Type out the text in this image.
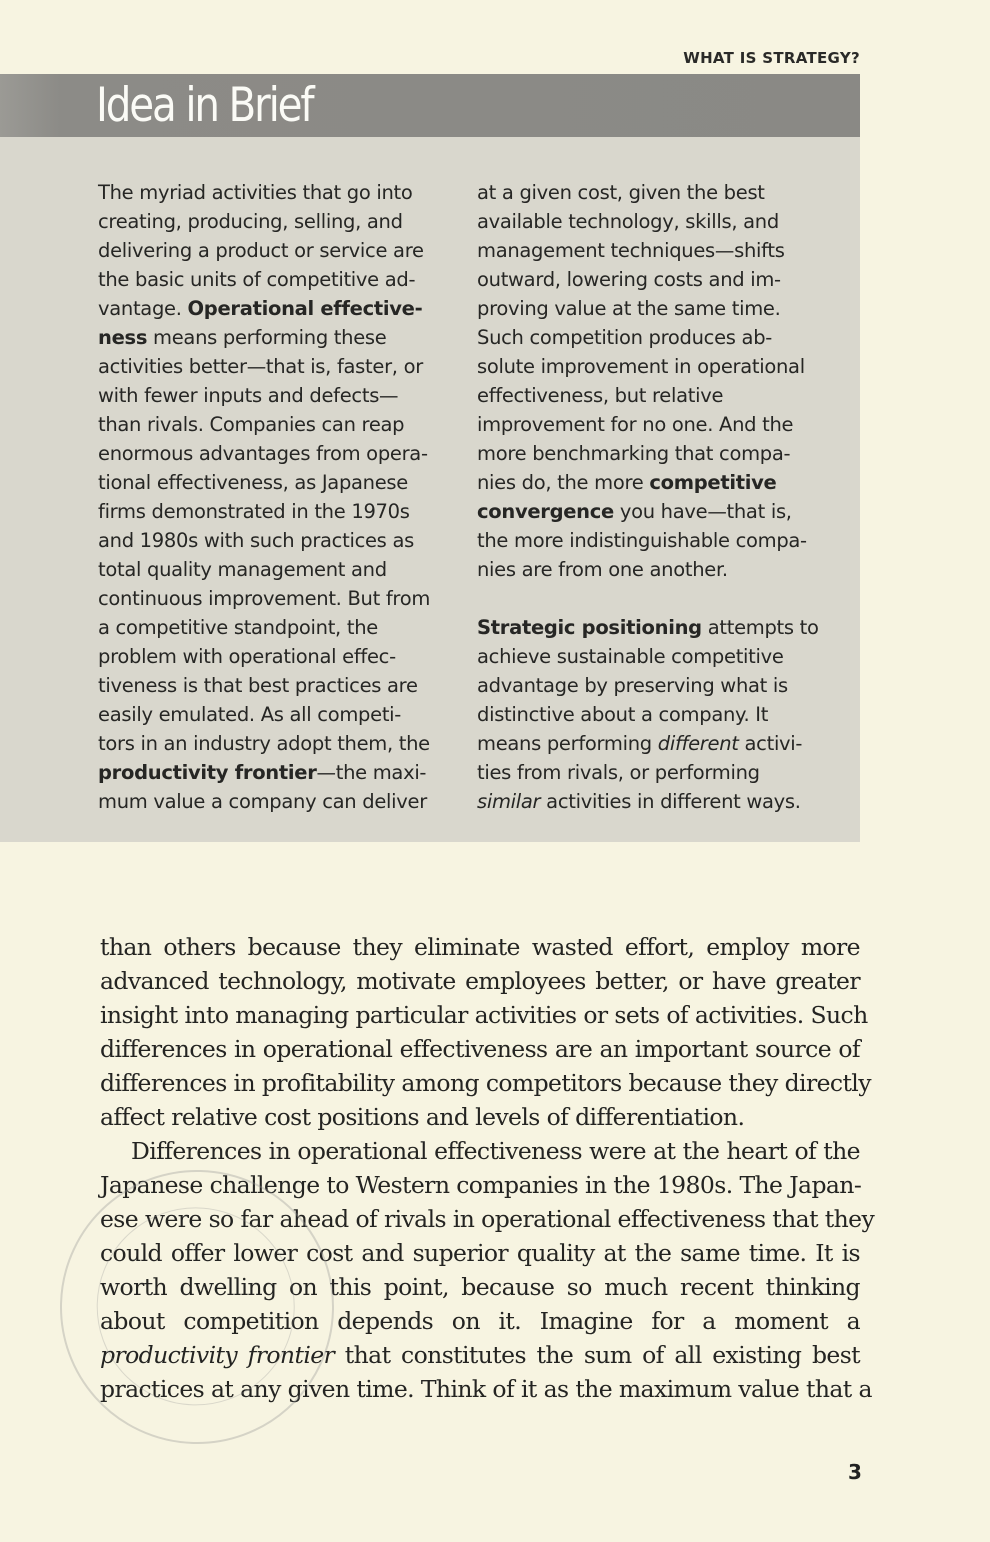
WHAT IS STRATEGY?
Idea in Brief
The myriad activities that go into
creating, producing, selling, and
delivering a product or service are
the basic units of competitive ad-
vantage. Operational effective-
ness means performing these
activities better—that is, faster, or
with fewer inputs and defects—
than rivals. Companies can reap
enormous advantages from opera-
tional effectiveness, as Japanese
firms demonstrated in the 1970s
and 1980s with such practices as
total quality management and
continuous improvement. But from
a competitive standpoint, the
problem with operational effec-
tiveness is that best practices are
easily emulated. As all competi-
tors in an industry adopt them, the
productivity frontier—the maxi-
mum value a company can deliver
at a given cost, given the best
available technology, skills, and
management techniques—shifts
outward, lowering costs and im-
proving value at the same time.
Such competition produces ab-
solute improvement in operational
effectiveness, but relative
improvement for no one. And the
more benchmarking that compa-
nies do, the more competitive
convergence you have—that is,
the more indistinguishable compa-
nies are from one another.
Strategic positioning attempts to
achieve sustainable competitive
advantage by preserving what is
distinctive about a company. It
means performing different activi-
ties from rivals, or performing
similar activities in different ways.
than others because they eliminate wasted effort, employ more
advanced technology, motivate employees better, or have greater
insight into managing particular activities or sets of activities. Such
differences in operational effectiveness are an important source of
differences in profitability among competitors because they directly
affect relative cost positions and levels of differentiation.
Differences in operational effectiveness were at the heart of the
Japanese challenge to Western companies in the 1980s. The Japan-
ese were so far ahead of rivals in operational effectiveness that they
could offer lower cost and superior quality at the same time. It is
worth dwelling on this point, because so much recent thinking
about competition depends on it. Imagine for a moment a
productivity frontier that constitutes the sum of all existing best
practices at any given time. Think of it as the maximum value that a
3
